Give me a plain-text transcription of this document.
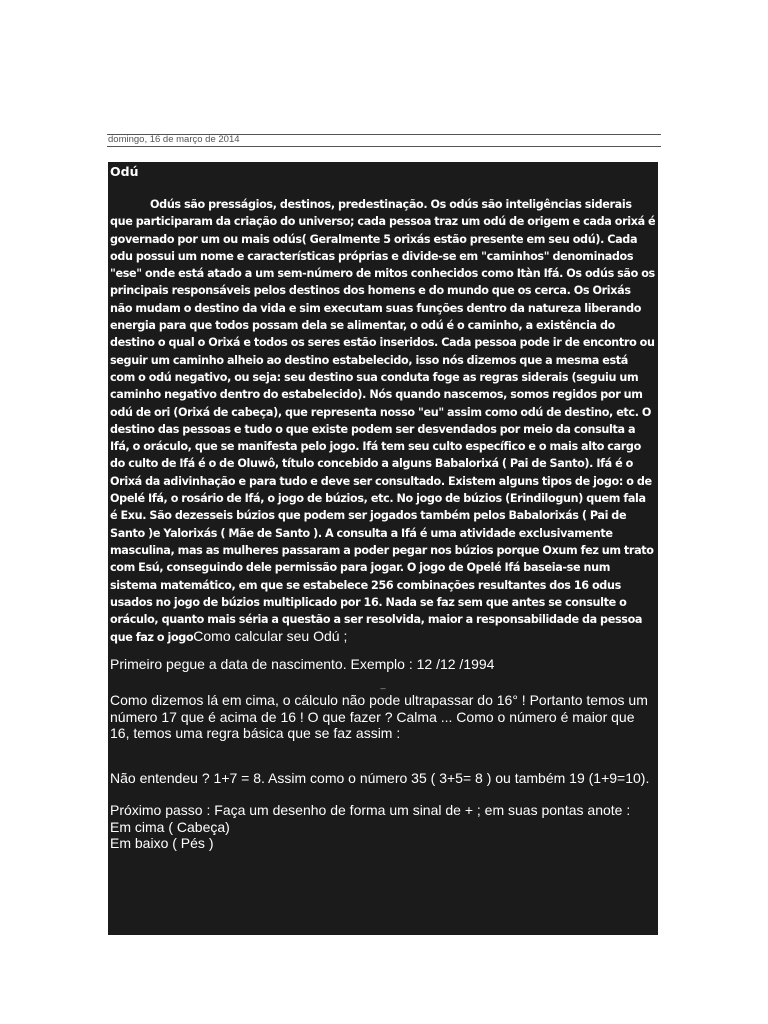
domingo, 16 de março de 2014
Odú

Odús são presságios, destinos, predestinação. Os odús são inteligências siderais que participaram da criação do universo; cada pessoa traz um odú de origem e cada orixá é governado por um ou mais odús( Geralmente 5 orixás estão presente em seu odú). Cada odu possui um nome e características próprias e divide-se em "caminhos" denominados "ese" onde está atado a um sem-número de mitos conhecidos como Itàn Ifá. Os odús são os principais responsáveis pelos destinos dos homens e do mundo que os cerca. Os Orixás não mudam o destino da vida e sim executam suas funções dentro da natureza liberando energia para que todos possam dela se alimentar, o odú é o caminho, a existência do destino o qual o Orixá e todos os seres estão inseridos. Cada pessoa pode ir de encontro ou seguir um caminho alheio ao destino estabelecido, isso nós dizemos que a mesma está com o odú negativo, ou seja: seu destino sua conduta foge as regras siderais (seguiu um caminho negativo dentro do estabelecido). Nós quando nascemos, somos regidos por um odú de ori (Orixá de cabeça), que representa nosso "eu" assim como odú de destino, etc. O destino das pessoas e tudo o que existe podem ser desvendados por meio da consulta a Ifá, o oráculo, que se manifesta pelo jogo. Ifá tem seu culto específico e o mais alto cargo do culto de Ifá é o de Oluwô, título concebido a alguns Babalorixá ( Pai de Santo). Ifá é o Orixá da adivinhação e para tudo e deve ser consultado. Existem alguns tipos de jogo: o de Opelé Ifá, o rosário de Ifá, o jogo de búzios, etc. No jogo de búzios (Erindilogun) quem fala é Exu. São dezesseis búzios que podem ser jogados também pelos Babalorixás ( Pai de Santo )e Yalorixás ( Mãe de Santo ). A consulta a Ifá é uma atividade exclusivamente masculina, mas as mulheres passaram a poder pegar nos búzios porque Oxum fez um trato com Esú, conseguindo dele permissão para jogar. O jogo de Opelé Ifá baseia-se num sistema matemático, em que se estabelece 256 combinações resultantes dos 16 odus usados no jogo de búzios multiplicado por 16. Nada se faz sem que antes se consulte o oráculo, quanto mais séria a questão a ser resolvida, maior a responsabilidade da pessoa que faz o jogoComo calcular seu Odú ;

Primeiro pegue a data de nascimento. Exemplo : 12 /12 /1994

_

Como dizemos lá em cima, o cálculo não pode ultrapassar do 16° ! Portanto temos um número 17 que é acima de 16 ! O que fazer ? Calma ... Como o número é maior que 16, temos uma regra básica que se faz assim :

Não entendeu ? 1+7 = 8. Assim como o número 35 ( 3+5= 8 ) ou também 19 (1+9=10).

Próximo passo : Faça um desenho de forma um sinal de + ; em suas pontas anote :
Em cima ( Cabeça)
Em baixo ( Pés )
